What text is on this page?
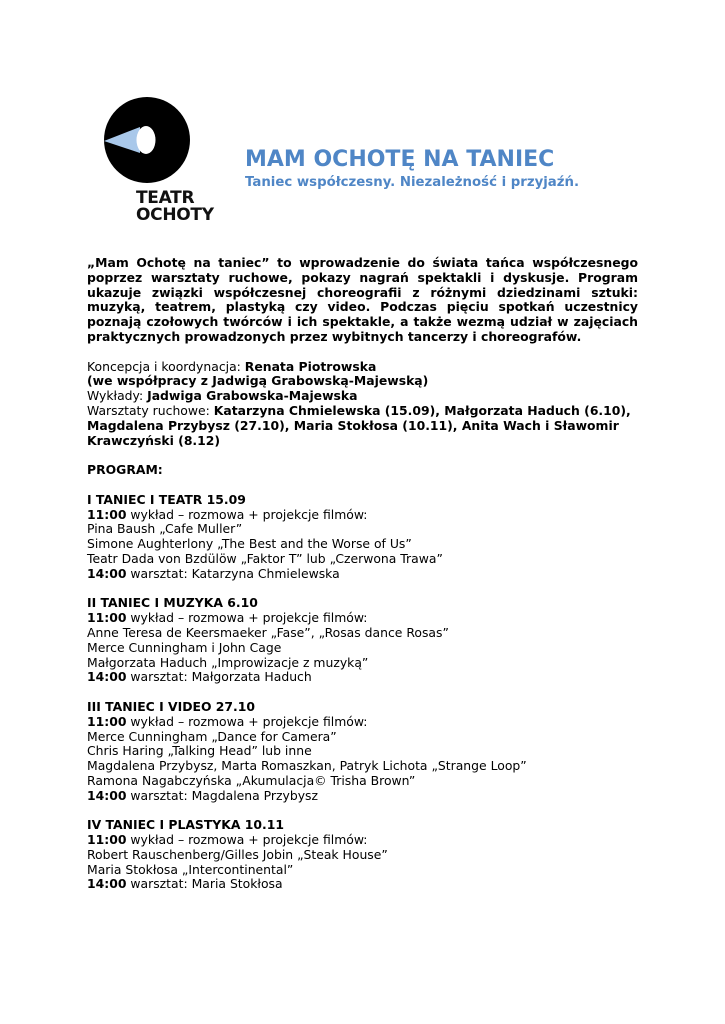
TEATR
OCHOTY
MAM OCHOTĘ NA TANIEC
Taniec współczesny. Niezależność i przyjaźń.

„Mam Ochotę na taniec” to wprowadzenie do świata tańca współczesnego poprzez warsztaty ruchowe, pokazy nagrań spektakli i dyskusje. Program ukazuje związki współczesnej choreografii z różnymi dziedzinami sztuki: muzyką, teatrem, plastyką czy video. Podczas pięciu spotkań uczestnicy poznają czołowych twórców i ich spektakle, a także wezmą udział w zajęciach praktycznych prowadzonych przez wybitnych tancerzy i choreografów.

Koncepcja i koordynacja: Renata Piotrowska
(we współpracy z Jadwigą Grabowską-Majewską)
Wykłady: Jadwiga Grabowska-Majewska
Warsztaty ruchowe: Katarzyna Chmielewska (15.09), Małgorzata Haduch (6.10),
Magdalena Przybysz (27.10), Maria Stokłosa (10.11), Anita Wach i Sławomir
Krawczyński (8.12)
PROGRAM:
I TANIEC I TEATR 15.09
11:00 wykład – rozmowa + projekcje filmów:
Pina Baush „Cafe Muller”
Simone Aughterlony „The Best and the Worse of Us”
Teatr Dada von Bzdülöw „Faktor T” lub „Czerwona Trawa”
14:00 warsztat: Katarzyna Chmielewska
II TANIEC I MUZYKA 6.10
11:00 wykład – rozmowa + projekcje filmów:
Anne Teresa de Keersmaeker „Fase”, „Rosas dance Rosas”
Merce Cunningham i John Cage
Małgorzata Haduch „Improwizacje z muzyką”
14:00 warsztat: Małgorzata Haduch
III TANIEC I VIDEO 27.10
11:00 wykład – rozmowa + projekcje filmów:
Merce Cunningham „Dance for Camera”
Chris Haring „Talking Head” lub inne
Magdalena Przybysz, Marta Romaszkan, Patryk Lichota „Strange Loop”
Ramona Nagabczyńska „Akumulacja© Trisha Brown”
14:00 warsztat: Magdalena Przybysz
IV TANIEC I PLASTYKA 10.11
11:00 wykład – rozmowa + projekcje filmów:
Robert Rauschenberg/Gilles Jobin „Steak House”
Maria Stokłosa „Intercontinental”
14:00 warsztat: Maria Stokłosa
